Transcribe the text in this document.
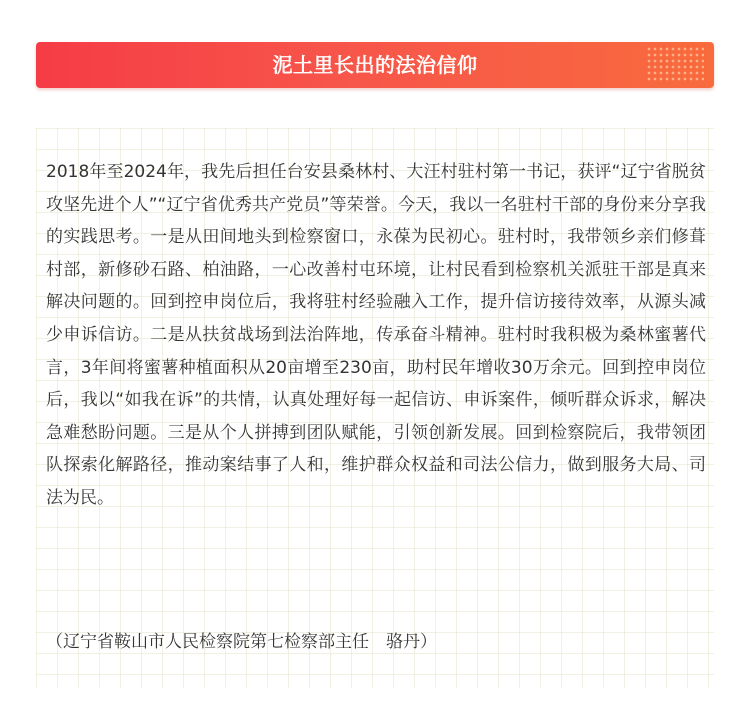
泥土里长出的法治信仰

2018年至2024年，我先后担任台安县桑林村、大汪村驻村第一书记，获评“辽宁省脱贫攻坚先进个人”“辽宁省优秀共产党员”等荣誉。今天，我以一名驻村干部的身份来分享我的实践思考。一是从田间地头到检察窗口，永葆为民初心。驻村时，我带领乡亲们修葺村部，新修砂石路、柏油路，一心改善村屯环境，让村民看到检察机关派驻干部是真来解决问题的。回到控申岗位后，我将驻村经验融入工作，提升信访接待效率，从源头减少申诉信访。二是从扶贫战场到法治阵地，传承奋斗精神。驻村时我积极为桑林蜜薯代言，3年间将蜜薯种植面积从20亩增至230亩，助村民年增收30万余元。回到控申岗位后，我以“如我在诉”的共情，认真处理好每一起信访、申诉案件，倾听群众诉求，解决急难愁盼问题。三是从个人拼搏到团队赋能，引领创新发展。回到检察院后，我带领团队探索化解路径，推动案结事了人和，维护群众权益和司法公信力，做到服务大局、司法为民。

（辽宁省鞍山市人民检察院第七检察部主任　骆丹）
